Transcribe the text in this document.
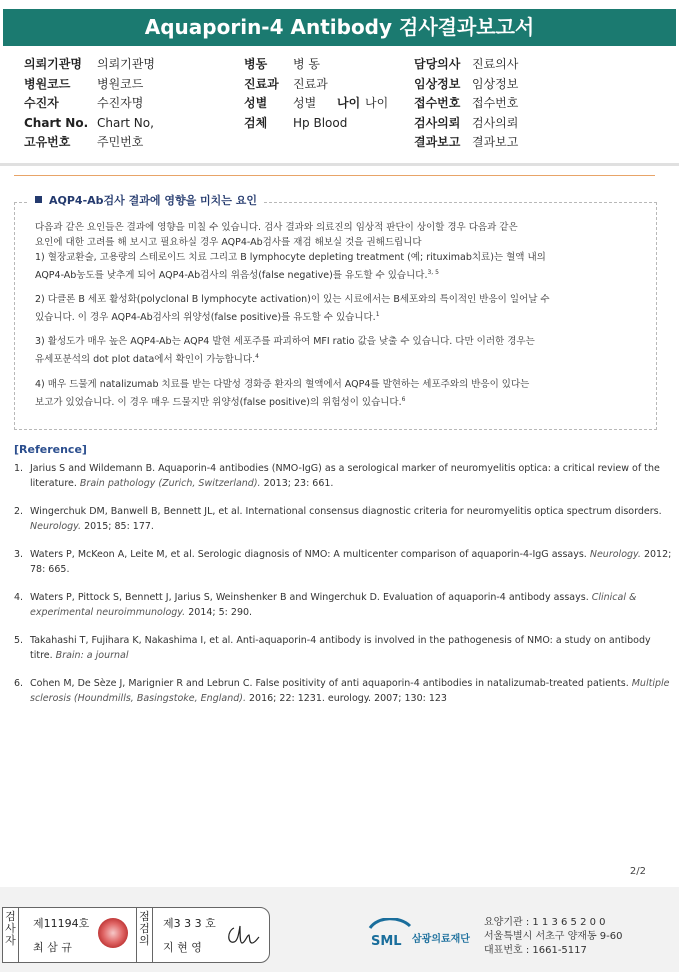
Aquaporin-4 Antibody 검사결과보고서
의뢰기관명 의뢰기관명
병원코드 병원코드
수진자	수진자명
Chart No. Chart No,
고유번호 주민번호
병동 병 동
진료과 진료과
성별 성별 나이 나이
검체 Hp Blood
담당의사 진료의사
임상정보 임상정보
접수번호 접수번호
검사의뢰 검사의뢰
결과보고 결과보고
AQP4-Ab검사 결과에 영향을 미치는 요인
다음과 같은 요인들은 결과에 영향을 미칠 수 있습니다. 검사 결과와 의료진의 임상적 판단이 상이할 경우 다음과 같은
요인에 대한 고려를 해 보시고 필요하실 경우 AQP4-Ab검사를 재검 해보실 것을 권해드립니다
1) 혈장교환술, 고용량의 스테로이드 치료 그리고 B lymphocyte depleting treatment (예; rituximab치료)는 혈액 내의
AQP4-Ab농도를 낮추게 되어 AQP4-Ab검사의 위음성(false negative)를 유도할 수 있습니다.$^{3, 5}$
2) 다클론 B 세포 활성화(polyclonal B lymphocyte activation)이 있는 시료에서는 B세포와의 특이적인 반응이 일어날 수
있습니다. 이 경우 AQP4-Ab검사의 위양성(false positive)를 유도할 수 있습니다.$^1$
3) 활성도가 매우 높은 AQP4-Ab는 AQP4 발현 세포주를 파괴하여 MFI ratio 값을 낮출 수 있습니다. 다만 이러한 경우는
유세포분석의 dot plot data에서 확인이 가능합니다.$^4$
4) 매우 드물게 natalizumab 치료를 받는 다발성 경화증 환자의 혈액에서 AQP4를 발현하는 세포주와의 반응이 있다는
보고가 있었습니다. 이 경우 매우 드물지만 위양성(false positive)의 위험성이 있습니다.$^6$
[Reference]
1. Jarius S and Wildemann B. Aquaporin-4 antibodies (NMO-IgG) as a serological marker of neuromyelitis optica: a critical review of the literature. Brain pathology (Zurich, Switzerland). 2013; 23: 661.
2. Wingerchuk DM, Banwell B, Bennett JL, et al. International consensus diagnostic criteria for neuromyelitis optica spectrum disorders. Neurology. 2015; 85: 177.
3. Waters P, McKeon A, Leite M, et al. Serologic diagnosis of NMO: A multicenter comparison of aquaporin-4-IgG assays. Neurology. 2012; 78: 665.
4. Waters P, Pittock S, Bennett J, Jarius S, Weinshenker B and Wingerchuk D. Evaluation of aquaporin-4 antibody assays. Clinical & experimental neuroimmunology. 2014; 5: 290.
5. Takahashi T, Fujihara K, Nakashima I, et al. Anti-aquaporin-4 antibody is involved in the pathogenesis of NMO: a study on antibody titre. Brain: a journal
6. Cohen M, De Sèze J, Marignier R and Lebrun C. False positivity of anti aquaporin-4 antibodies in natalizumab-treated patients. Multiple sclerosis (Houndmills, Basingstoke, England). 2016; 22: 1231. eurology. 2007; 130: 123
2/2
검사자
제11194호
최 삼 규
점검의
제3 3 3 호
지 현 영	SML 삼광의료재단
요양기관 : 1 1 3 6 5 2 0 0
서울특별시 서초구 양재동 9-60
대표번호 : 1661-5117
